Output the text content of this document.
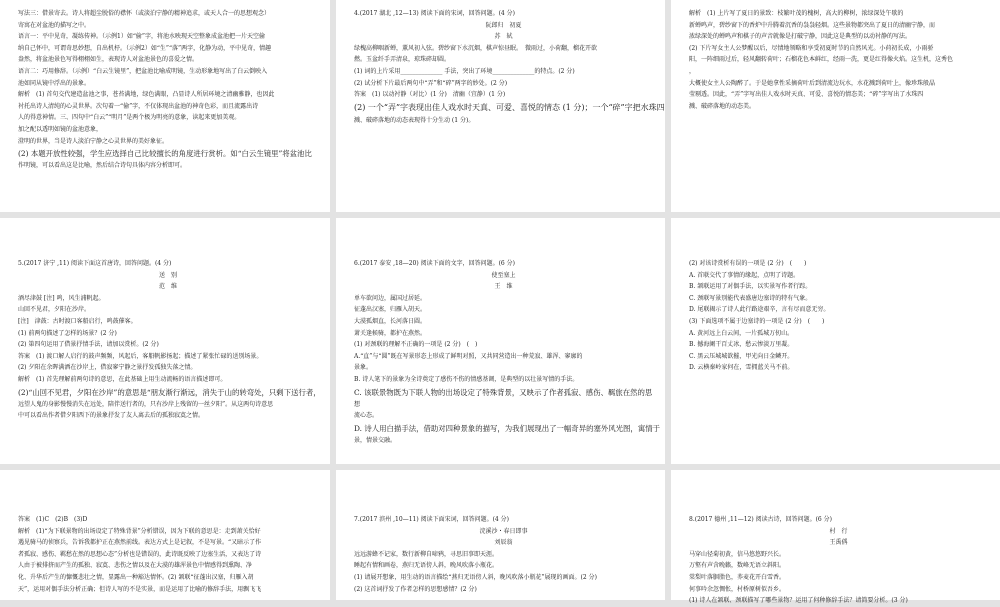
写法三：借景寄去。诗人将超尘脱俗的襟怀（或淡泊宁静的精神追求，或天人合一的思想观念）
寄寓在对盆池的描写之中。
语言一：平中见奇，凝练传神。（示例1）如“偷”字，将池水映现天空整象成盆池把一片天空偷
纳自己怀中，可谓奇思妙想，自出机杼。（示例2）如“生”“落”两字，化静为动，平中见奇，情趣
盎然，将盆池景色写得栩栩如生，表现诗人对盆池景色的喜爱之情。
语言二：巧用修辞。（示例）“白云生镜里”，把盆池比喻成明镜，生动形象地写出了白云倒映入
池如同从镜中浮出的景象。
解析　(1) 首句交代建造盆池之事，苍苔满地，绿色满眼，凸显诗人所居环境之清幽雅静，也因此
衬托出诗人清纯的心灵世界。次句着一“偷”字，不仅体现出盆池的神奇色彩，而且流露出诗
人的得意神情。三、四句中“白云”“明月”是两个极为明亮的意象，读起来更加美观。
加之配以透明如镜的盆池意象，
澄明的世界，当是诗人淡泊宁静之心灵世界的美好象征。
(2) 本题开放性较强，学生应选择自己比较擅长的角度进行赏析。如“白云生镜里”将盆池比
作明镜，可以看出这是比喻，然后结合诗句具体内容分析即可。
4.(2017 湖北 ,12—13) 阅读下面的宋词，回答问题。(4 分)
阮郎归　初夏
苏　轼
绿槐高柳咽新蝉，薰风初入弦。碧纱窗下水沉烟，棋声惊昼眠。　微雨过，小荷翻，榴花开欲
燃。玉盆纤手弄清泉，琼珠碎却圆。
(1) 词的上片采用______________ 手法，突出了环境______________的特点。(2 分)
(2) 试分析下片最后两句中“弄”和“碎”两字的妙处。(2 分)
答案　(1) 以动衬静（对比）(1 分)　清幽（宜静）(1 分)
(2) 一个“弄”字表现出佳人戏水时天真、可爱、喜悦的情态 (1 分)；一个“碎”字把水珠四
溅、破碎落地的动态表现得十分生动 (1 分)。
解析　(1) 上片写了夏日的景致：枝繁叶茂的槐树，高大的柳树，浓绿深处午歇的
新蝉鸣声，碧纱窗下的香炉中升腾着沉香的袅袅轻烟。这些景物都突出了夏日的清幽宁静，而
浓绿深处的蝉鸣声和棋子的声音就像是打破宁静，因此这是典型的以动衬静的写法。
(2) 下片写女主人公梦醒以后，尽情地领略和享受初夏时节的自然风光。小荷初长成，小雨骄
阳，一阵细雨过后，轻风翻转荷叶；石榴花色本鲜红，经雨一洗，更是红得像火焰。这生机，这秀色
，
大概使女主人公陶醉了。于是她拿性采摘荷叶后到清流边玩水，水花溅到荷叶上，像珍珠般晶
莹剔透。因此，“弄”字写出佳人戏水时天真、可爱、喜悦的情态美；“碎”字写出了水珠四
溅、破碎落地的动态美。
5.(2017 济宁 ,11) 阅读下面这首唐诗，回答问题。(4 分)
送　别
范　维
酒尽津鼓 [注] 鸣，风生浦帆起。
山回不见君，夕阳在沙岸。
[注]　津鼓：古时渡口客船启行，鸣鼓催客。
(1) 前两句描述了怎样的场景？(2 分)
(2) 第四句运用了借景抒情手法，请加以赏析。(2 分)
答案　(1) 渡口解人启行的鼓声频频，风起后，客船帆影扬起；描述了紧张忙碌的送别场景。
(2) 夕阳在余晖满洒在沙岸上，借寂寥宁静之景抒发孤独失落之情。
解析　(1) 首先理解前两句诗的意思，在此基础上用生动流畅的语言描述即可。
(2)“山回不见君，夕阳在沙岸”的意思是“朋友渐行渐远，消失于山的转弯处，只剩下送行者，
远望人鬼的身影慢慢消失在远处，陪伴送行者的，只有沙岸上残留的一丝夕阳”。从这两句诗意思
中可以看出作者借夕阳西下的景象抒发了友人离去后的孤独寂寞之情。
6.(2017 泰安 ,18—20) 阅读下面的文字，回答问题。(6 分)
使至塞上
王　维
单车欲问边，属国过居延。
征蓬出汉塞，归雁入胡天。
大漠孤烟直，长河落日圆。
萧关逢候骑，都护在燕然。
(1) 对颈联的理解不正确的一项是 (2 分)　(　)
A.“直”与“圆”既在写景形态上形成了鲜明对照，又共同营造出一种荒寂、雄浑、寥廓的
景象。
B. 诗人笔下的景象为全诗奠定了感伤不伤的情感基调，是典型的以壮景写情的手法。
C. 该联景物既为下联人物的出场设定了特殊背景，又映示了作者孤寂、感伤、羁旅在然的思
想
流心态。
D. 诗人用白描手法，借助对四种景象的描写，为我们展现出了一幅奇异的塞外风光图，寓情于
景，情景交融。
(2) 对该诗赏析有误的一项是 (2 分)　(　　)
A. 首联交代了事情的缘起，点明了诗题。
B. 颔联运用了对偶手法，以实景写作者行踪。
C. 颈联写景别能代表盛唐边塞诗的特有气象。
D. 尾联揭示了诗人此行路途艰辛，言有尽而意无穷。
(3) 下面选项不属于边塞诗的一项是 (2 分)　(　　)
A. 黄河远上白云间，一片孤城万仞山。
B. 撼海阑干百丈冰，愁云惨淡万里凝。
C. 黑云压城城欲摧，甲光向日金鳞开。
D. 云横秦岭家何在，雪拥蓝关马不前。
答案　(1)C　(2)B　(3)D
解析　(1)“为下联景物的出场设定了特殊背景”分析错误，因为下联的意思是：走到萧关恰好
遇见骑马的侦察兵，告诉我都护正在燕然前线。表达方式上是记叙，不是写景。“又暗示了作
者孤寂、感伤、羁愁在然的思想心态”分析也是错误的，此诗既反映了边塞生活，又表达了诗
人由于被排挤而产生的孤独、寂寞、悲伤之情以及在大漠的雄浑景色中情感得到熏陶、净
化、升华后产生的慷慨悲壮之情，显露出一种豁达情怀。(2) 颔联“征蓬出汉塞，归雁入胡
天”，运用对偶手法分析正确；但诗人写的不是实景，而是运用了比喻的修辞手法，用飘飞飞
7.(2017 滨州 ,10—11) 阅读下面宋词，回答问题。(4 分)
浣溪沙・春日即事
刘辰翁
远远游蜂不记家，数行新柳自啼鸦，寻思旧事即天涯。
睡起有情和画卷，燕归无语傍人斜，晚风吹落小瓶花。
(1) 请展开想象，用生动的语言描绘“燕归无语傍人斜，晚风吹落小瓶花”展现的画面。(2 分)
(2) 这首词抒发了作者怎样的思想感情？(2 分)
8.(2017 德州 ,11—12) 阅读古诗，回答问题。(6 分)
村　行
王禹偁
马穿山径菊初黄，信马悠悠野兴长。
万壑有声含晚籁，数峰无语立斜阳。
棠梨叶落胭脂色，荞麦花开白雪香。
何事吟余忽惆怅，村桥原树似吾乡。
(1) 诗人在颔联、颈联描写了哪些景物？运用了何种修辞手法？请简要分析。(3 分)
